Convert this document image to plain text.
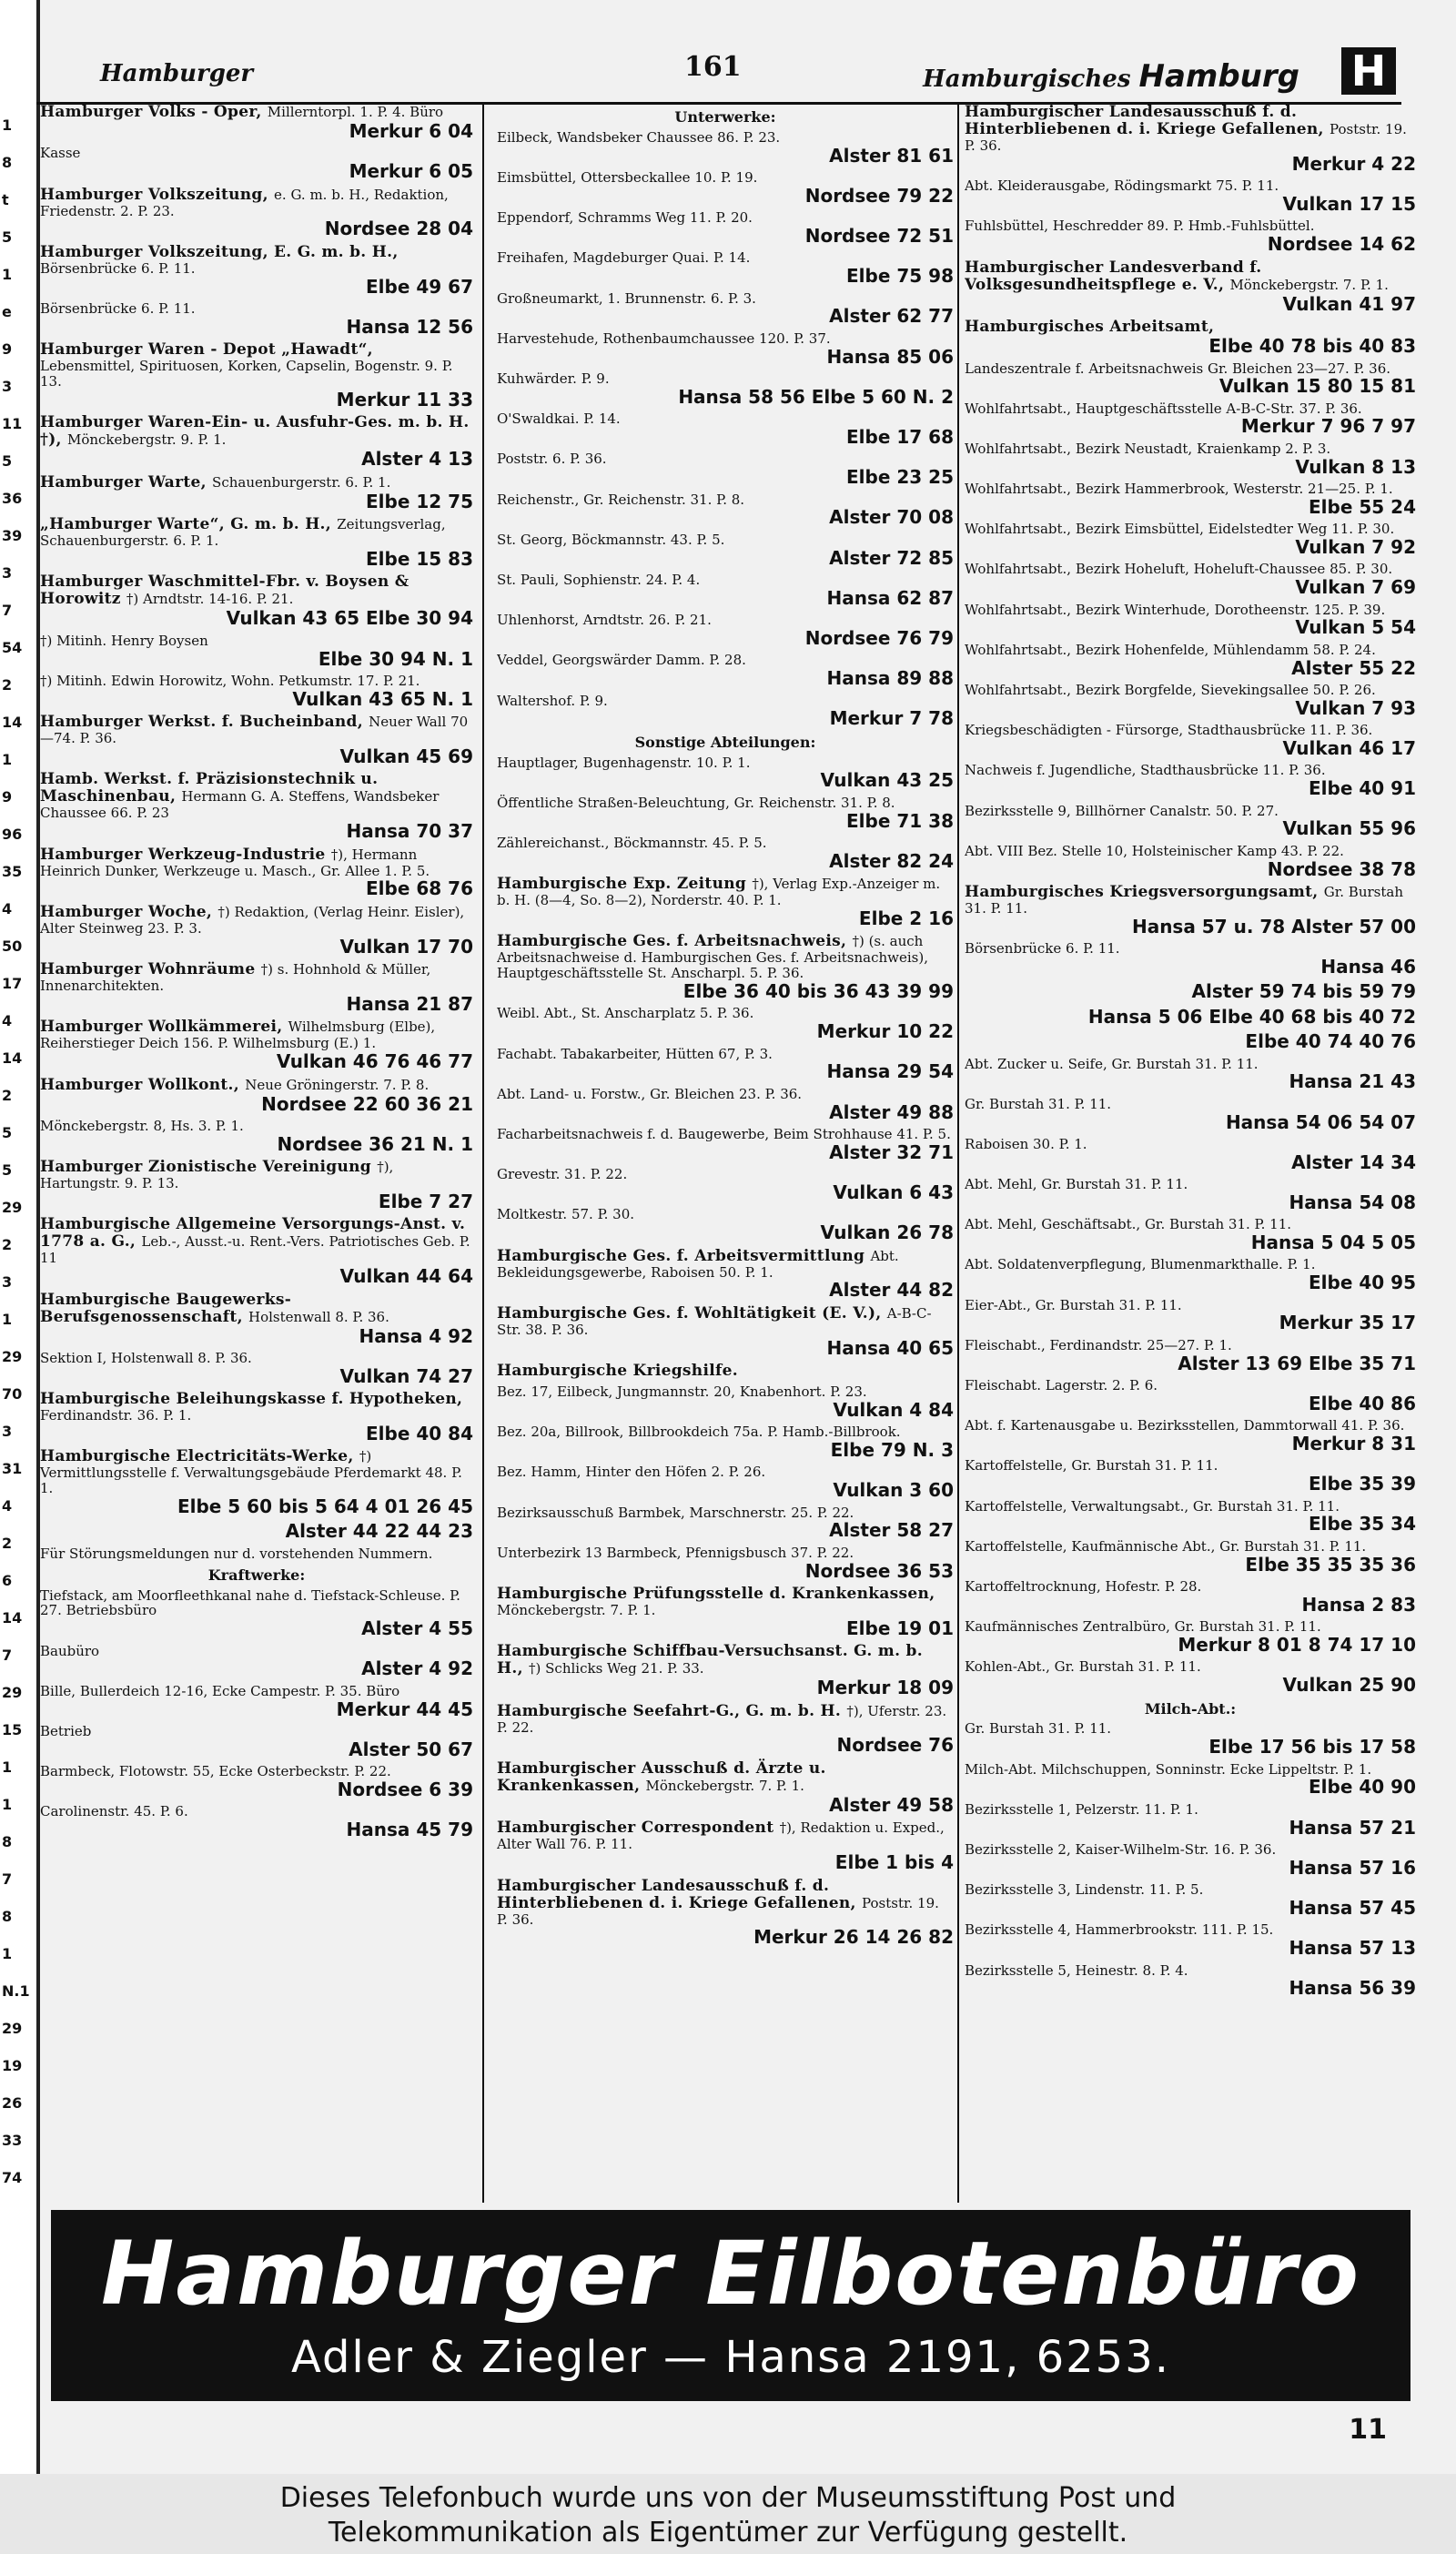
1
8
t
5
1
e
9
3
11
5
36
39
3
7
54
2
14
1
9
96
35
4
50
17
4
14
2
5
5
29
2
3
1
29
70
3
31
4
2
6
14
7
29
15
1
1
8
7
8
1
N.1
29
19
26
33
74
Hamburger	161	Hamburgisches Hamburg H
Hamburger Volks - Oper, Millerntorpl. 1. P. 4. Büro
Merkur 6 04
Kasse
Merkur 6 05
Hamburger Volkszeitung, e. G. m. b. H., Redaktion, Friedenstr. 2. P. 23.
Nordsee 28 04
Hamburger Volkszeitung, E. G. m. b. H., Börsenbrücke 6. P. 11.
Elbe 49 67
Börsenbrücke 6. P. 11.
Hansa 12 56
Hamburger Waren - Depot „Hawadt“, Lebensmittel, Spirituosen, Korken, Capselin, Bogenstr. 9. P. 13.
Merkur 11 33
Hamburger Waren-Ein- u. Ausfuhr-Ges. m. b. H. †), Mönckebergstr. 9. P. 1.
Alster 4 13
Hamburger Warte, Schauenburgerstr. 6. P. 1.
Elbe 12 75
„Hamburger Warte“, G. m. b. H., Zeitungsverlag, Schauenburgerstr. 6. P. 1.
Elbe 15 83
Hamburger Waschmittel-Fbr. v. Boysen & Horowitz †) Arndtstr. 14-16. P. 21.
Vulkan 43 65 Elbe 30 94
†) Mitinh. Henry Boysen
Elbe 30 94 N. 1
†) Mitinh. Edwin Horowitz, Wohn. Petkumstr. 17. P. 21.
Vulkan 43 65 N. 1
Hamburger Werkst. f. Bucheinband, Neuer Wall 70—74. P. 36.
Vulkan 45 69
Hamb. Werkst. f. Präzisionstechnik u. Maschinenbau, Hermann G. A. Steffens, Wandsbeker Chaussee 66. P. 23
Hansa 70 37
Hamburger Werkzeug-Industrie †), Hermann Heinrich Dunker, Werkzeuge u. Masch., Gr. Allee 1. P. 5.
Elbe 68 76
Hamburger Woche, †) Redaktion, (Verlag Heinr. Eisler), Alter Steinweg 23. P. 3.
Vulkan 17 70
Hamburger Wohnräume †) s. Hohnhold & Müller, Innenarchitekten.
Hansa 21 87
Hamburger Wollkämmerei, Wilhelmsburg (Elbe), Reiherstieger Deich 156. P. Wilhelmsburg (E.) 1.
Vulkan 46 76 46 77
Hamburger Wollkont., Neue Gröningerstr. 7. P. 8.
Nordsee 22 60 36 21
Mönckebergstr. 8, Hs. 3. P. 1.
Nordsee 36 21 N. 1
Hamburger Zionistische Vereinigung †), Hartungstr. 9. P. 13.
Elbe 7 27
Hamburgische Allgemeine Versorgungs-Anst. v. 1778 a. G., Leb.-, Ausst.-u. Rent.-Vers. Patriotisches Geb. P. 11
Vulkan 44 64
Hamburgische Baugewerks-Berufsgenossenschaft, Holstenwall 8. P. 36.
Hansa 4 92
Sektion I, Holstenwall 8. P. 36.
Vulkan 74 27
Hamburgische Beleihungskasse f. Hypotheken, Ferdinandstr. 36. P. 1.
Elbe 40 84
Hamburgische Electricitäts-Werke, †) Vermittlungsstelle f. Verwaltungsgebäude Pferdemarkt 48. P. 1.
Elbe 5 60 bis 5 64 4 01 26 45
Alster 44 22 44 23
Für Störungsmeldungen nur d. vorstehenden Nummern.
Kraftwerke:
Tiefstack, am Moorfleethkanal nahe d. Tiefstack-Schleuse. P. 27. Betriebsbüro
Alster 4 55
Baubüro
Alster 4 92
Bille, Bullerdeich 12-16, Ecke Campestr. P. 35. Büro
Merkur 44 45
Betrieb
Alster 50 67
Barmbeck, Flotowstr. 55, Ecke Osterbeckstr. P. 22.
Nordsee 6 39
Carolinenstr. 45. P. 6.
Hansa 45 79
Unterwerke:
Eilbeck, Wandsbeker Chaussee 86. P. 23.
Alster 81 61
Eimsbüttel, Ottersbeckallee 10. P. 19.
Nordsee 79 22
Eppendorf, Schramms Weg 11. P. 20.
Nordsee 72 51
Freihafen, Magdeburger Quai. P. 14.
Elbe 75 98
Großneumarkt, 1. Brunnenstr. 6. P. 3.
Alster 62 77
Harvestehude, Rothenbaumchaussee 120. P. 37.
Hansa 85 06
Kuhwärder. P. 9.
Hansa 58 56 Elbe 5 60 N. 2
O'Swaldkai. P. 14.
Elbe 17 68
Poststr. 6. P. 36.
Elbe 23 25
Reichenstr., Gr. Reichenstr. 31. P. 8.
Alster 70 08
St. Georg, Böckmannstr. 43. P. 5.
Alster 72 85
St. Pauli, Sophienstr. 24. P. 4.
Hansa 62 87
Uhlenhorst, Arndtstr. 26. P. 21.
Nordsee 76 79
Veddel, Georgswärder Damm. P. 28.
Hansa 89 88
Waltershof. P. 9.
Merkur 7 78
Sonstige Abteilungen:
Hauptlager, Bugenhagenstr. 10. P. 1.
Vulkan 43 25
Öffentliche Straßen-Beleuchtung, Gr. Reichenstr. 31. P. 8.
Elbe 71 38
Zählereichanst., Böckmannstr. 45. P. 5.
Alster 82 24
Hamburgische Exp. Zeitung †), Verlag Exp.-Anzeiger m. b. H. (8—4, So. 8—2), Norderstr. 40. P. 1.
Elbe 2 16
Hamburgische Ges. f. Arbeitsnachweis, †) (s. auch Arbeitsnachweise d. Hamburgischen Ges. f. Arbeitsnachweis), Hauptgeschäftsstelle St. Anscharpl. 5. P. 36.
Elbe 36 40 bis 36 43 39 99
Weibl. Abt., St. Anscharplatz 5. P. 36.
Merkur 10 22
Fachabt. Tabakarbeiter, Hütten 67, P. 3.
Hansa 29 54
Abt. Land- u. Forstw., Gr. Bleichen 23. P. 36.
Alster 49 88
Facharbeitsnachweis f. d. Baugewerbe, Beim Strohhause 41. P. 5.
Alster 32 71
Grevestr. 31. P. 22.
Vulkan 6 43
Moltkestr. 57. P. 30.
Vulkan 26 78
Hamburgische Ges. f. Arbeitsvermittlung Abt. Bekleidungsgewerbe, Raboisen 50. P. 1.
Alster 44 82
Hamburgische Ges. f. Wohltätigkeit (E. V.), A-B-C-Str. 38. P. 36.
Hansa 40 65
Hamburgische Kriegshilfe.
Bez. 17, Eilbeck, Jungmannstr. 20, Knabenhort. P. 23.
Vulkan 4 84
Bez. 20a, Billrook, Billbrookdeich 75a. P. Hamb.-Billbrook.
Elbe 79 N. 3
Bez. Hamm, Hinter den Höfen 2. P. 26.
Vulkan 3 60
Bezirksausschuß Barmbek, Marschnerstr. 25. P. 22.
Alster 58 27
Unterbezirk 13 Barmbeck, Pfennigsbusch 37. P. 22.
Nordsee 36 53
Hamburgische Prüfungsstelle d. Krankenkassen, Mönckebergstr. 7. P. 1.
Elbe 19 01
Hamburgische Schiffbau-Versuchsanst. G. m. b. H., †) Schlicks Weg 21. P. 33.
Merkur 18 09
Hamburgische Seefahrt-G., G. m. b. H. †), Uferstr. 23. P. 22.
Nordsee 76
Hamburgischer Ausschuß d. Ärzte u. Krankenkassen, Mönckebergstr. 7. P. 1.
Alster 49 58
Hamburgischer Correspondent †), Redaktion u. Exped., Alter Wall 76. P. 11.
Elbe 1 bis 4
Hamburgischer Landesausschuß f. d. Hinterbliebenen d. i. Kriege Gefallenen, Poststr. 19. P. 36.
Merkur 26 14 26 82
Hamburgischer Landesausschuß f. d. Hinterbliebenen d. i. Kriege Gefallenen, Poststr. 19. P. 36.
Merkur 4 22
Abt. Kleiderausgabe, Rödingsmarkt 75. P. 11.
Vulkan 17 15
Fuhlsbüttel, Heschredder 89. P. Hmb.-Fuhlsbüttel.
Nordsee 14 62
Hamburgischer Landesverband f. Volksgesundheitspflege e. V., Mönckebergstr. 7. P. 1.
Vulkan 41 97
Hamburgisches Arbeitsamt,
Elbe 40 78 bis 40 83
Landeszentrale f. Arbeitsnachweis Gr. Bleichen 23—27. P. 36.
Vulkan 15 80 15 81
Wohlfahrtsabt., Hauptgeschäftsstelle A-B-C-Str. 37. P. 36.
Merkur 7 96 7 97
Wohlfahrtsabt., Bezirk Neustadt, Kraienkamp 2. P. 3.
Vulkan 8 13
Wohlfahrtsabt., Bezirk Hammerbrook, Westerstr. 21—25. P. 1.
Elbe 55 24
Wohlfahrtsabt., Bezirk Eimsbüttel, Eidelstedter Weg 11. P. 30.
Vulkan 7 92
Wohlfahrtsabt., Bezirk Hoheluft, Hoheluft-Chaussee 85. P. 30.
Vulkan 7 69
Wohlfahrtsabt., Bezirk Winterhude, Dorotheenstr. 125. P. 39.
Vulkan 5 54
Wohlfahrtsabt., Bezirk Hohenfelde, Mühlendamm 58. P. 24.
Alster 55 22
Wohlfahrtsabt., Bezirk Borgfelde, Sievekingsallee 50. P. 26.
Vulkan 7 93
Kriegsbeschädigten - Fürsorge, Stadthausbrücke 11. P. 36.
Vulkan 46 17
Nachweis f. Jugendliche, Stadthausbrücke 11. P. 36.
Elbe 40 91
Bezirksstelle 9, Billhörner Canalstr. 50. P. 27.
Vulkan 55 96
Abt. VIII Bez. Stelle 10, Holsteinischer Kamp 43. P. 22.
Nordsee 38 78
Hamburgisches Kriegsversorgungsamt, Gr. Burstah 31. P. 11.
Hansa 57 u. 78 Alster 57 00
Börsenbrücke 6. P. 11.
Hansa 46
Alster 59 74 bis 59 79
Hansa 5 06 Elbe 40 68 bis 40 72
Elbe 40 74 40 76
Abt. Zucker u. Seife, Gr. Burstah 31. P. 11.
Hansa 21 43
Gr. Burstah 31. P. 11.
Hansa 54 06 54 07
Raboisen 30. P. 1.
Alster 14 34
Abt. Mehl, Gr. Burstah 31. P. 11.
Hansa 54 08
Abt. Mehl, Geschäftsabt., Gr. Burstah 31. P. 11.
Hansa 5 04 5 05
Abt. Soldatenverpflegung, Blumenmarkthalle. P. 1.
Elbe 40 95
Eier-Abt., Gr. Burstah 31. P. 11.
Merkur 35 17
Fleischabt., Ferdinandstr. 25—27. P. 1.
Alster 13 69 Elbe 35 71
Fleischabt. Lagerstr. 2. P. 6.
Elbe 40 86
Abt. f. Kartenausgabe u. Bezirksstellen, Dammtorwall 41. P. 36.
Merkur 8 31
Kartoffelstelle, Gr. Burstah 31. P. 11.
Elbe 35 39
Kartoffelstelle, Verwaltungsabt., Gr. Burstah 31. P. 11.
Elbe 35 34
Kartoffelstelle, Kaufmännische Abt., Gr. Burstah 31. P. 11.
Elbe 35 35 35 36
Kartoffeltrocknung, Hofestr. P. 28.
Hansa 2 83
Kaufmännisches Zentralbüro, Gr. Burstah 31. P. 11.
Merkur 8 01 8 74 17 10
Kohlen-Abt., Gr. Burstah 31. P. 11.
Vulkan 25 90
Milch-Abt.:
Gr. Burstah 31. P. 11.
Elbe 17 56 bis 17 58
Milch-Abt. Milchschuppen, Sonninstr. Ecke Lippeltstr. P. 1.
Elbe 40 90
Bezirksstelle 1, Pelzerstr. 11. P. 1.
Hansa 57 21
Bezirksstelle 2, Kaiser-Wilhelm-Str. 16. P. 36.
Hansa 57 16
Bezirksstelle 3, Lindenstr. 11. P. 5.
Hansa 57 45
Bezirksstelle 4, Hammerbrookstr. 111. P. 15.
Hansa 57 13
Bezirksstelle 5, Heinestr. 8. P. 4.
Hansa 56 39
Hamburger Eilbotenbüro
Adler & Ziegler — Hansa 2191, 6253.
11
Dieses Telefonbuch wurde uns von der Museumsstiftung Post und
Telekommunikation als Eigentümer zur Verfügung gestellt.
